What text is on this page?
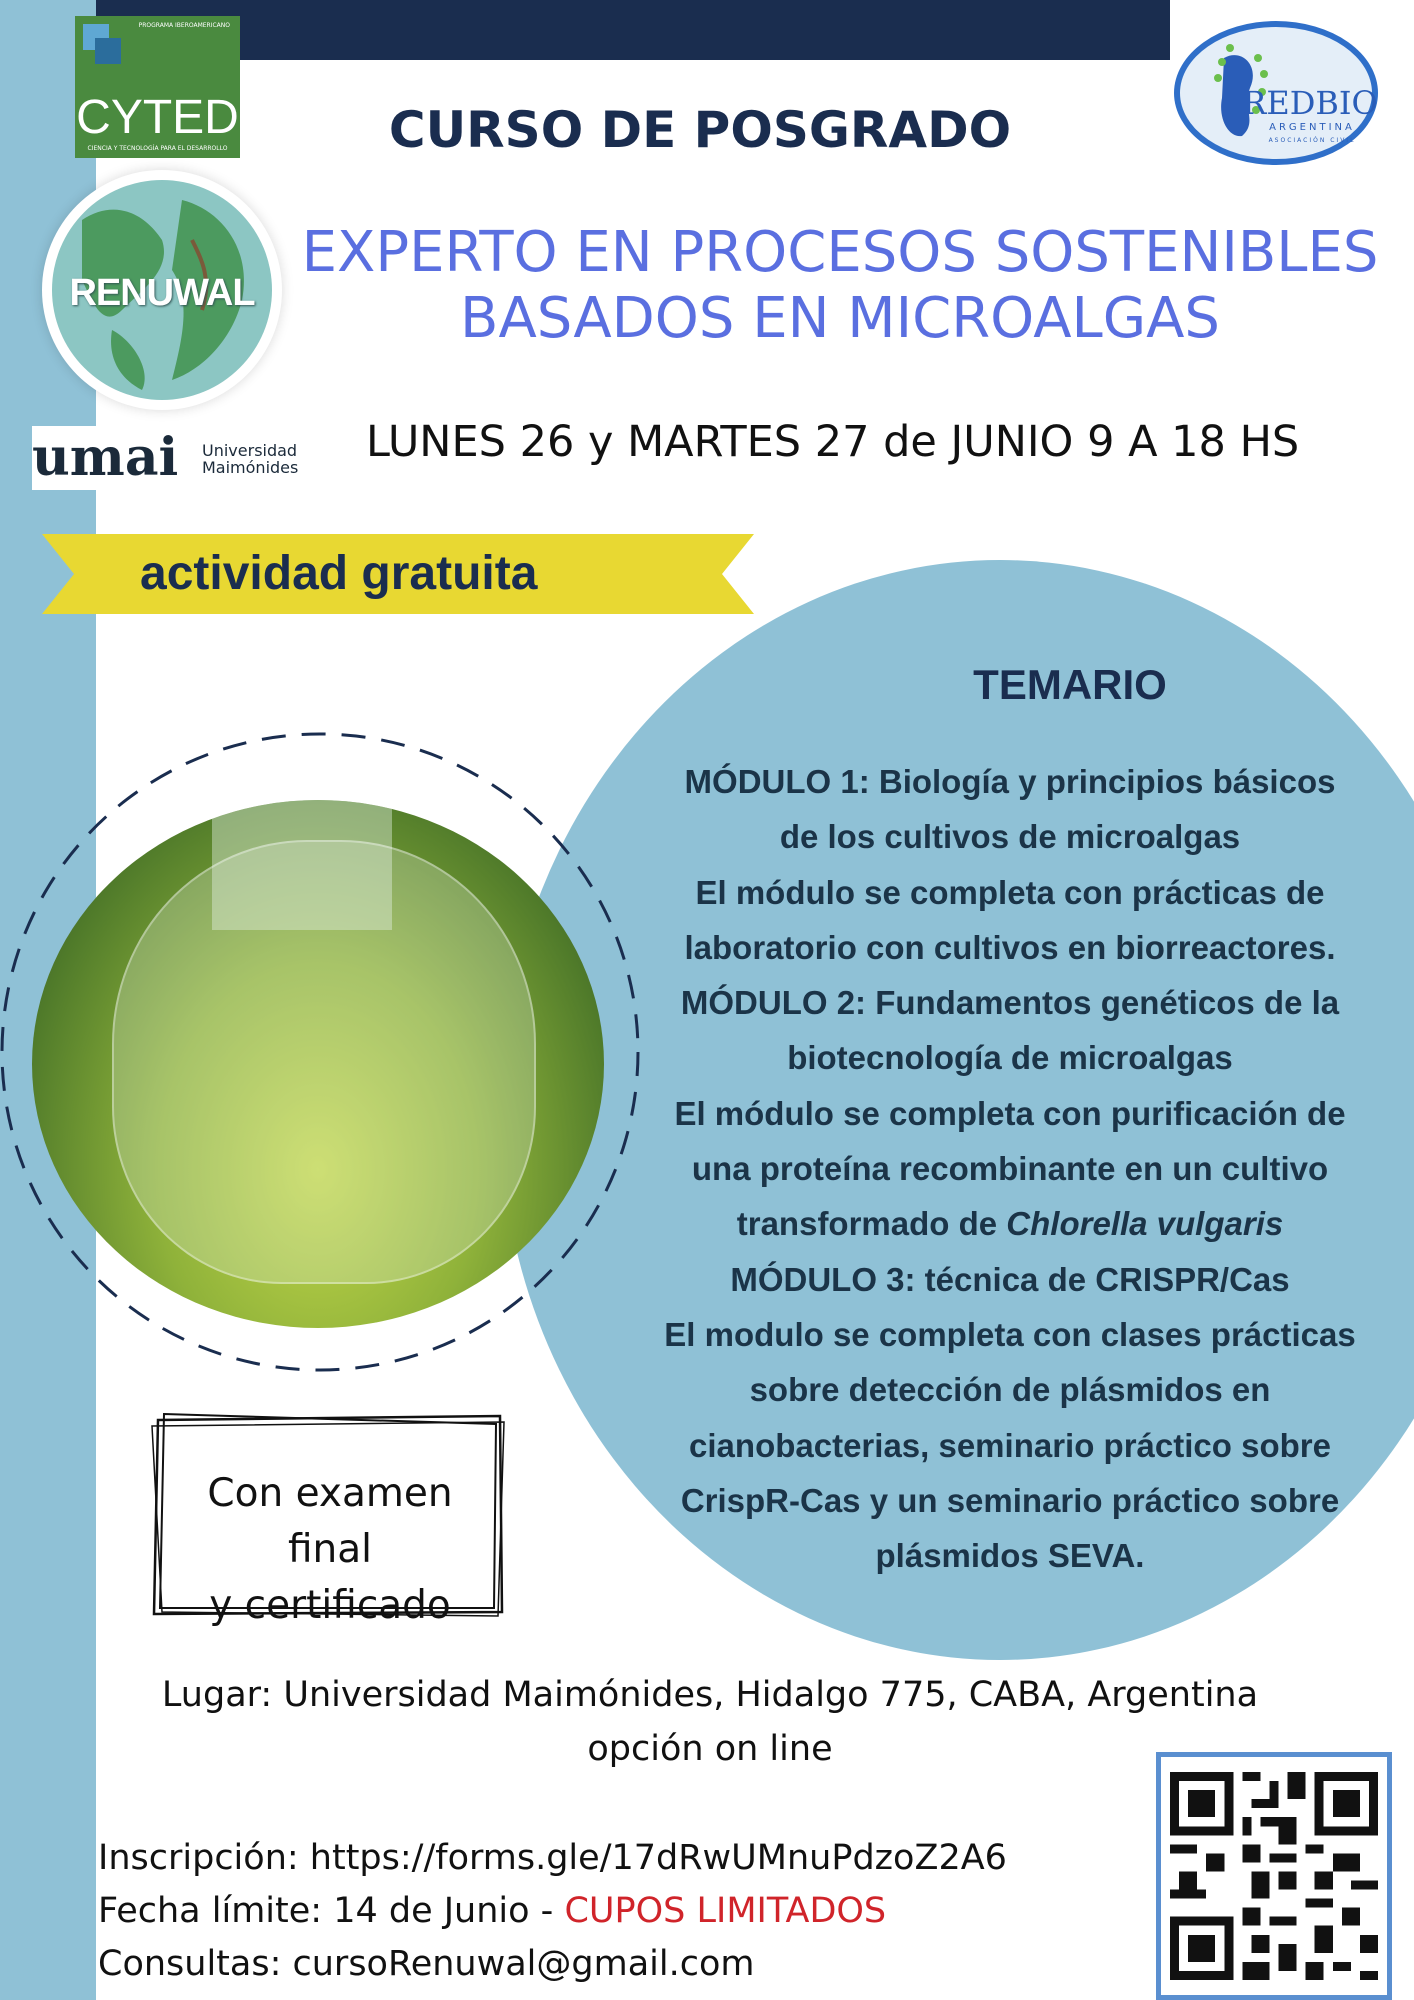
PROGRAMA IBEROAMERICANO
CYTED
CIENCIA Y TECNOLOGÍA PARA EL DESARROLLO
REDBIO
ARGENTINA
ASOCIACIÓN CIVIL
RENUWAL
umai Universidad
Maimónides
CURSO DE POSGRADO
EXPERTO EN PROCESOS SOSTENIBLES
BASADOS EN MICROALGAS
LUNES 26 y MARTES 27 de JUNIO 9 A 18 HS
actividad gratuita
TEMARIO

MÓDULO 1: Biología y principios básicos

de los cultivos de microalgas

El módulo se completa con prácticas de

laboratorio con cultivos en biorreactores.

MÓDULO 2: Fundamentos genéticos de la

biotecnología de microalgas

El módulo se completa con purificación de

una proteína recombinante en un cultivo

transformado de Chlorella vulgaris

MÓDULO 3: técnica de CRISPR/Cas

El modulo se completa con clases prácticas

sobre detección de plásmidos en

cianobacterias, seminario práctico sobre

CrispR-Cas y un seminario práctico sobre

plásmidos SEVA.

Con examen final
y certificado
Lugar: Universidad Maimónides, Hidalgo 775, CABA, Argentina
opción on line
Inscripción: https://forms.gle/17dRwUMnuPdzoZ2A6
Fecha límite: 14 de Junio - CUPOS LIMITADOS
Consultas: cursoRenuwal@gmail.com
